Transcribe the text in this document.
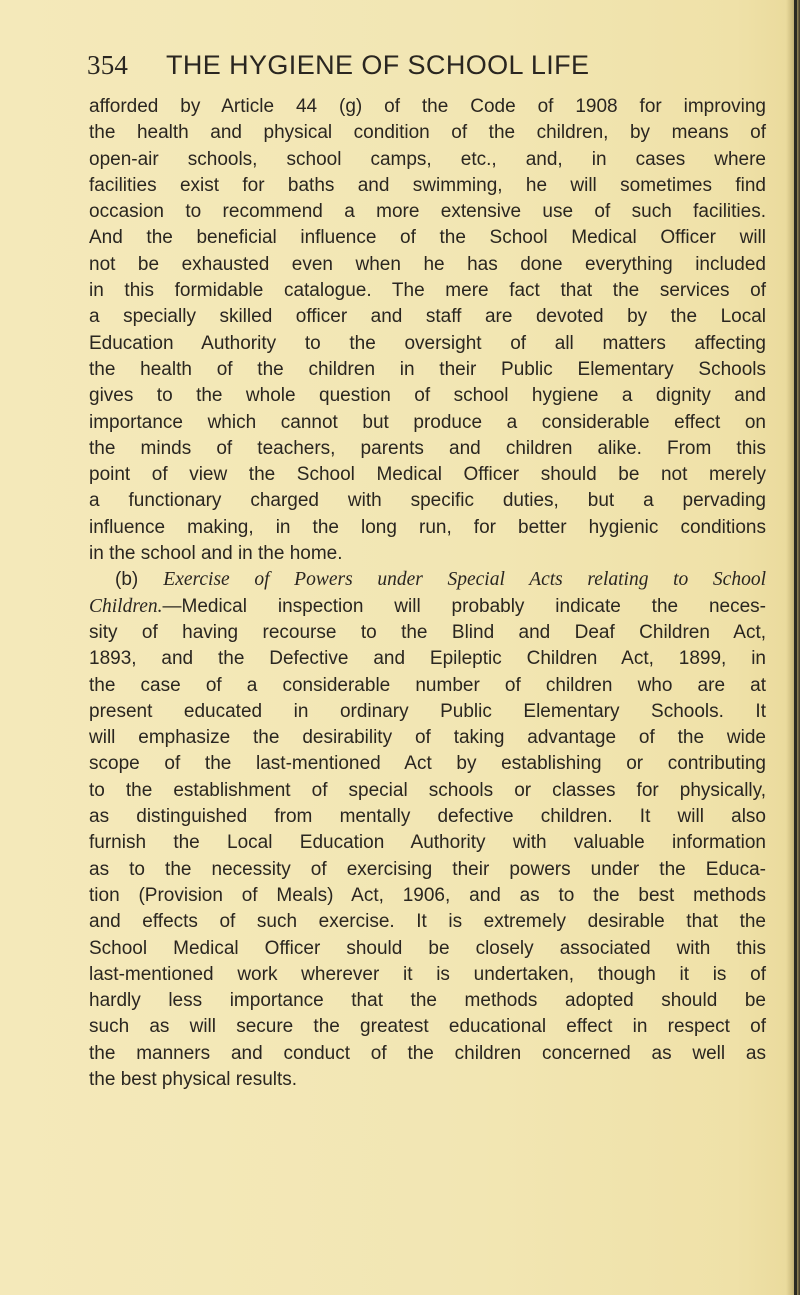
354 THE HYGIENE OF SCHOOL LIFE
afforded by Article 44 (g) of the Code of 1908 for improving
the health and physical condition of the children, by means of
open-air schools, school camps, etc., and, in cases where
facilities exist for baths and swimming, he will sometimes find
occasion to recommend a more extensive use of such facilities.
And the beneficial influence of the School Medical Officer will
not be exhausted even when he has done everything included
in this formidable catalogue. The mere fact that the services of
a specially skilled officer and staff are devoted by the Local
Education Authority to the oversight of all matters affecting
the health of the children in their Public Elementary Schools
gives to the whole question of school hygiene a dignity and
importance which cannot but produce a considerable effect on
the minds of teachers, parents and children alike. From this
point of view the School Medical Officer should be not merely
a functionary charged with specific duties, but a pervading
influence making, in the long run, for better hygienic conditions
in the school and in the home.
(b) Exercise of Powers under Special Acts relating to School
Children.—Medical inspection will probably indicate the neces-
sity of having recourse to the Blind and Deaf Children Act,
1893, and the Defective and Epileptic Children Act, 1899, in
the case of a considerable number of children who are at
present educated in ordinary Public Elementary Schools. It
will emphasize the desirability of taking advantage of the wide
scope of the last-mentioned Act by establishing or contributing
to the establishment of special schools or classes for physically,
as distinguished from mentally defective children. It will also
furnish the Local Education Authority with valuable information
as to the necessity of exercising their powers under the Educa-
tion (Provision of Meals) Act, 1906, and as to the best methods
and effects of such exercise. It is extremely desirable that the
School Medical Officer should be closely associated with this
last-mentioned work wherever it is undertaken, though it is of
hardly less importance that the methods adopted should be
such as will secure the greatest educational effect in respect of
the manners and conduct of the children concerned as well as
the best physical results.
